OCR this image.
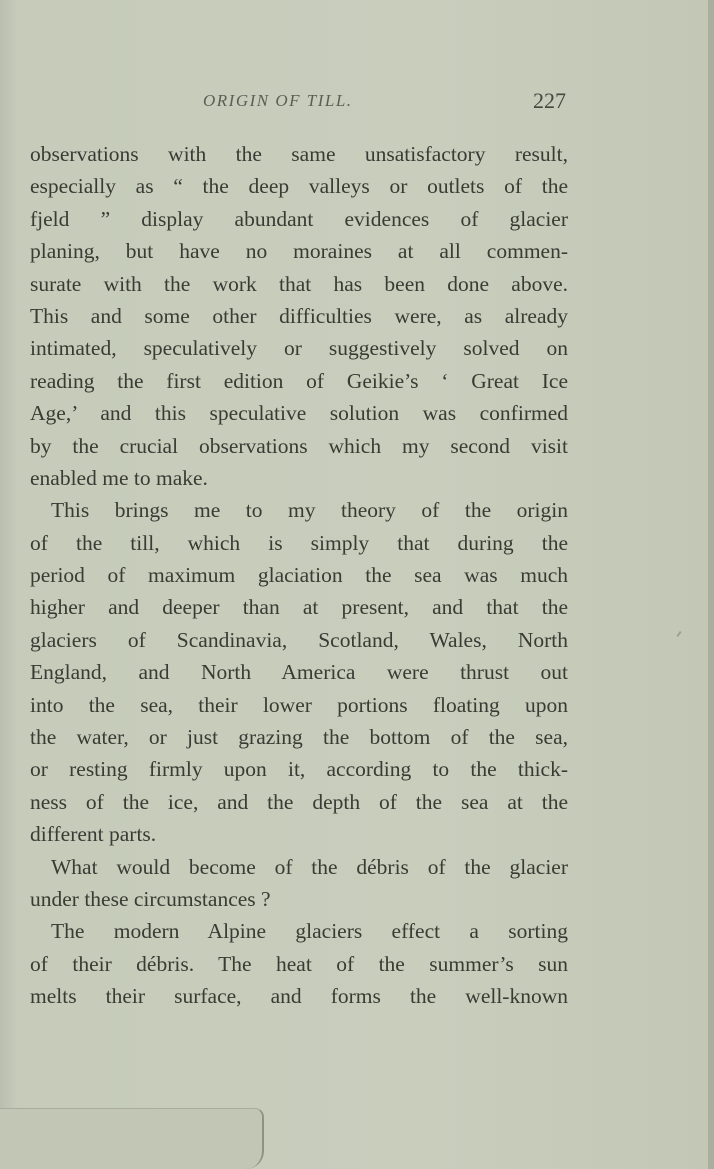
ORIGIN OF TILL.	227
observations with the same unsatisfactory result,
especially as “ the deep valleys or outlets of the
fjeld ” display abundant evidences of glacier
planing, but have no moraines at all commen-
surate with the work that has been done above.
This and some other difficulties were, as already
intimated, speculatively or suggestively solved on
reading the first edition of Geikie’s ‘ Great Ice
Age,’ and this speculative solution was confirmed
by the crucial observations which my second visit
enabled me to make.
This brings me to my theory of the origin
of the till, which is simply that during the
period of maximum glaciation the sea was much
higher and deeper than at present, and that the
glaciers of Scandinavia, Scotland, Wales, North
England, and North America were thrust out
into the sea, their lower portions floating upon
the water, or just grazing the bottom of the sea,
or resting firmly upon it, according to the thick-
ness of the ice, and the depth of the sea at the
different parts.
What would become of the débris of the glacier
under these circumstances ?
The modern Alpine glaciers effect a sorting
of their débris. The heat of the summer’s sun
melts their surface, and forms the well-known
